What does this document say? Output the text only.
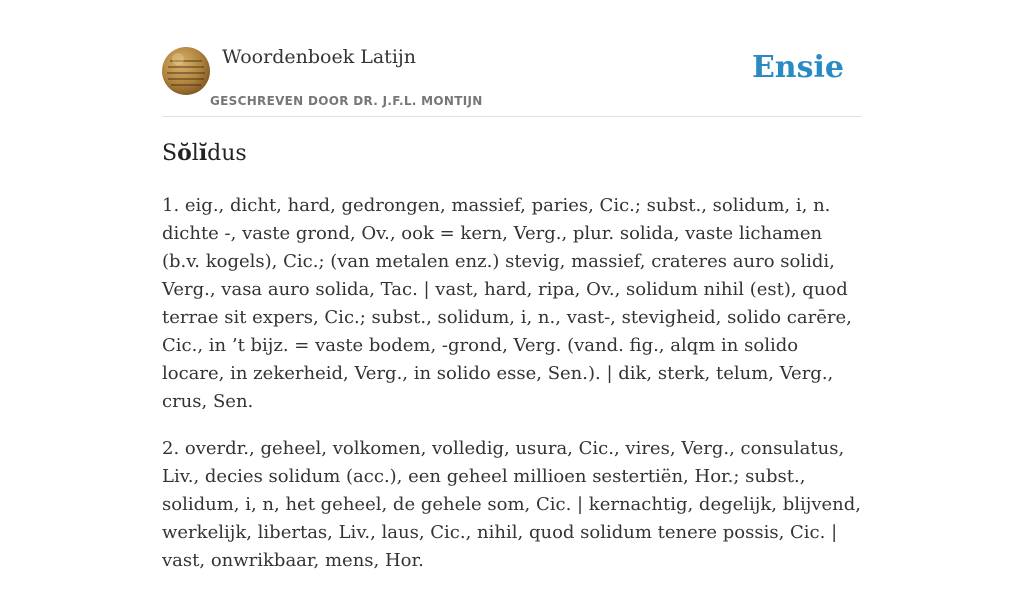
Woordenboek Latijn
GESCHREVEN DOOR DR. J.F.L. MONTIJN
Ensie
Sŏlĭdus

1. eig., dicht, hard, gedrongen, massief, paries, Cic.; subst., solidum, i, n. dichte -, vaste grond, Ov., ook = kern, Verg., plur. solida, vaste lichamen (b.v. kogels), Cic.; (van metalen enz.) stevig, massief, crateres auro solidi, Verg., vasa auro solida, Tac. | vast, hard, ripa, Ov., solidum nihil (est), quod terrae sit expers, Cic.; subst., solidum, i, n., vast-, stevigheid, solido carēre, Cic., in ’t bijz. = vaste bodem, -grond, Verg. (vand. fig., alqm in solido locare, in zekerheid, Verg., in solido esse, Sen.). | dik, sterk, telum, Verg., crus, Sen.

2. overdr., geheel, volkomen, volledig, usura, Cic., vires, Verg., consulatus, Liv., decies solidum (acc.), een geheel millioen sestertiën, Hor.; subst., solidum, i, n, het geheel, de gehele som, Cic. | kernachtig, degelijk, blijvend, werkelijk, libertas, Liv., laus, Cic., nihil, quod solidum tenere possis, Cic. | vast, onwrikbaar, mens, Hor.
